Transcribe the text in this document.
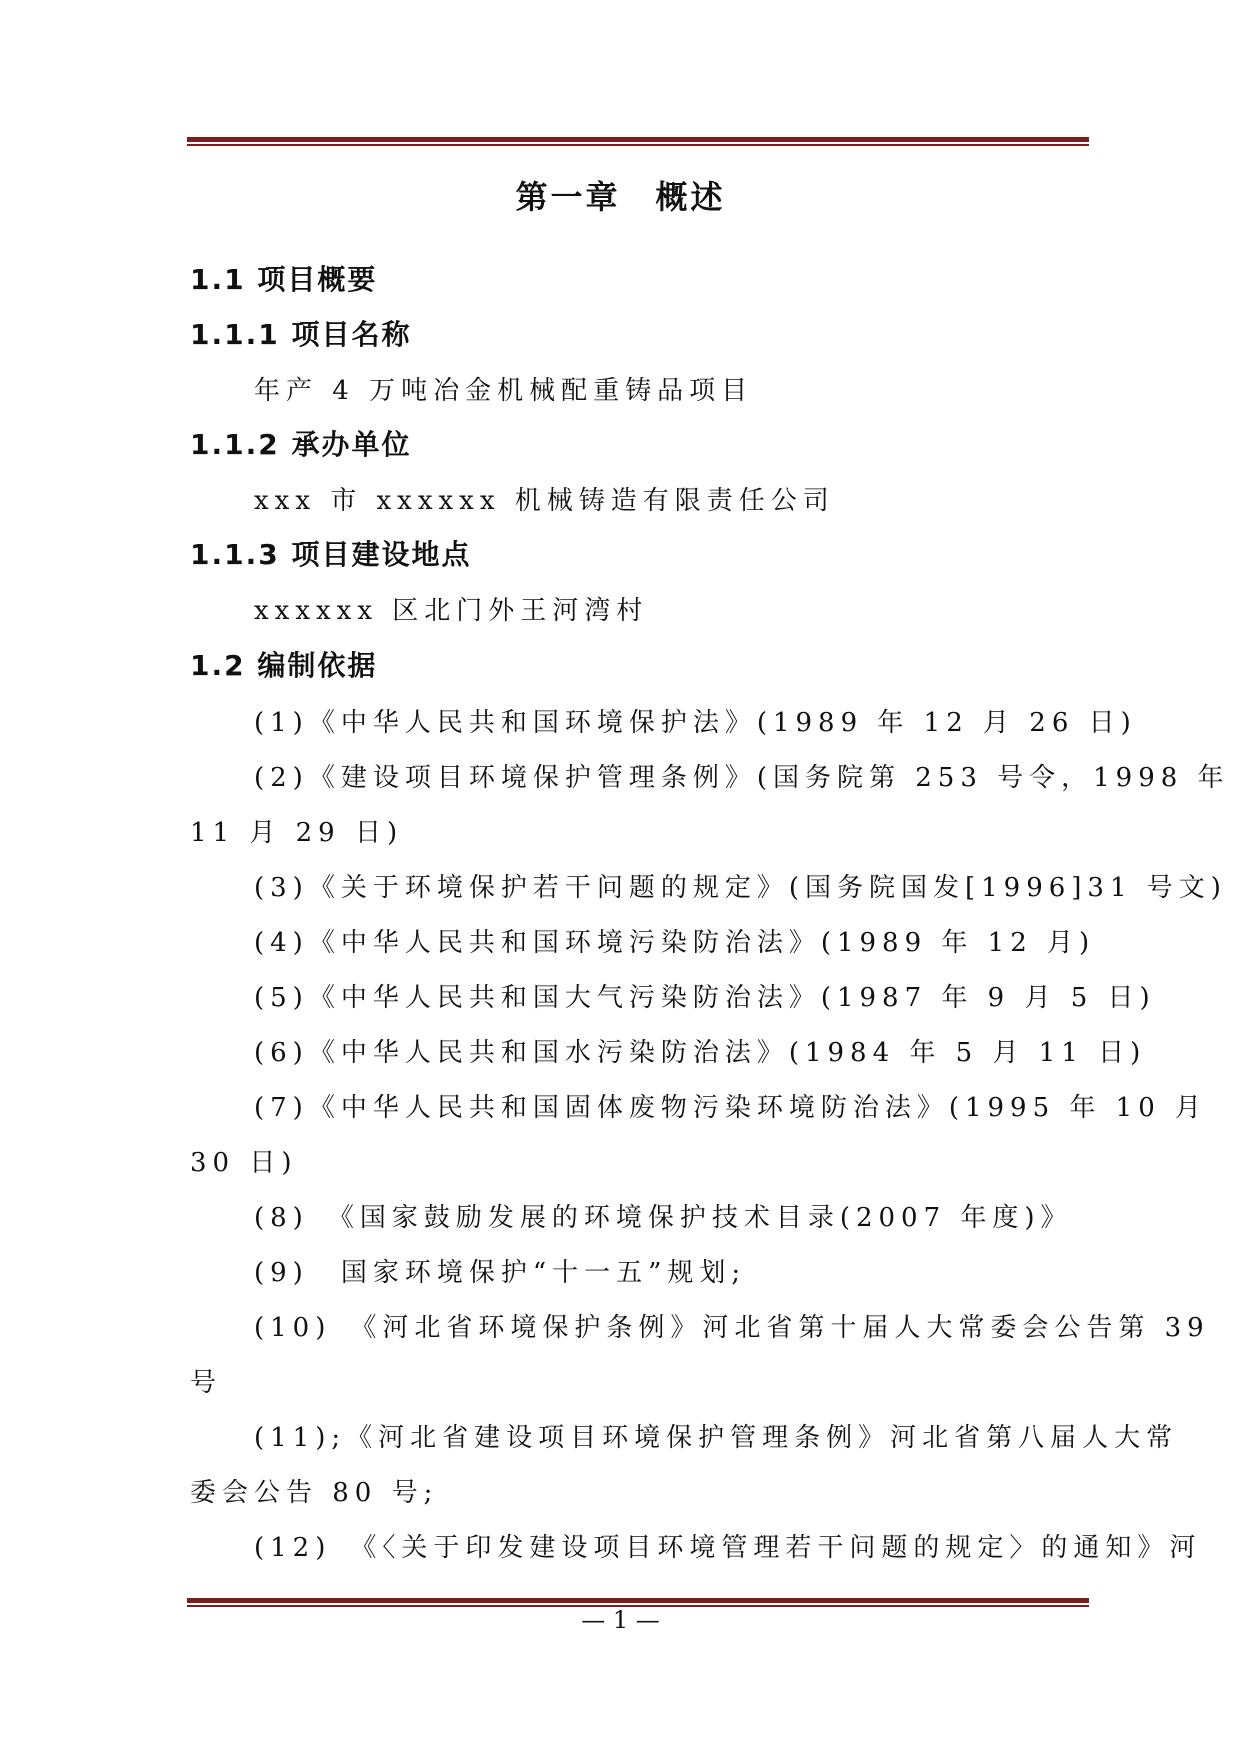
第一章　概述
1.1 项目概要
1.1.1 项目名称
年产 4 万吨冶金机械配重铸品项目
1.1.2 承办单位
xxx 市 xxxxxx 机械铸造有限责任公司
1.1.3 项目建设地点
xxxxxx 区北门外王河湾村
1.2 编制依据
(1)《中华人民共和国环境保护法》(1989 年 12 月 26 日)
(2)《建设项目环境保护管理条例》(国务院第 253 号令，1998 年
11 月 29 日)
(3)《关于环境保护若干问题的规定》(国务院国发[1996]31 号文)
(4)《中华人民共和国环境污染防治法》(1989 年 12 月)
(5)《中华人民共和国大气污染防治法》(1987 年 9 月 5 日)
(6)《中华人民共和国水污染防治法》(1984 年 5 月 11 日)
(7)《中华人民共和国固体废物污染环境防治法》(1995 年 10 月
30 日)
(8)　《国家鼓励发展的环境保护技术目录(2007 年度)》
(9)　国家环境保护“十一五”规划;
(10)　《河北省环境保护条例》河北省第十届人大常委会公告第 39
号
(11);《河北省建设项目环境保护管理条例》河北省第八届人大常
委会公告 80 号;
(12)　《〈关于印发建设项目环境管理若干问题的规定〉的通知》河
— 1 —
